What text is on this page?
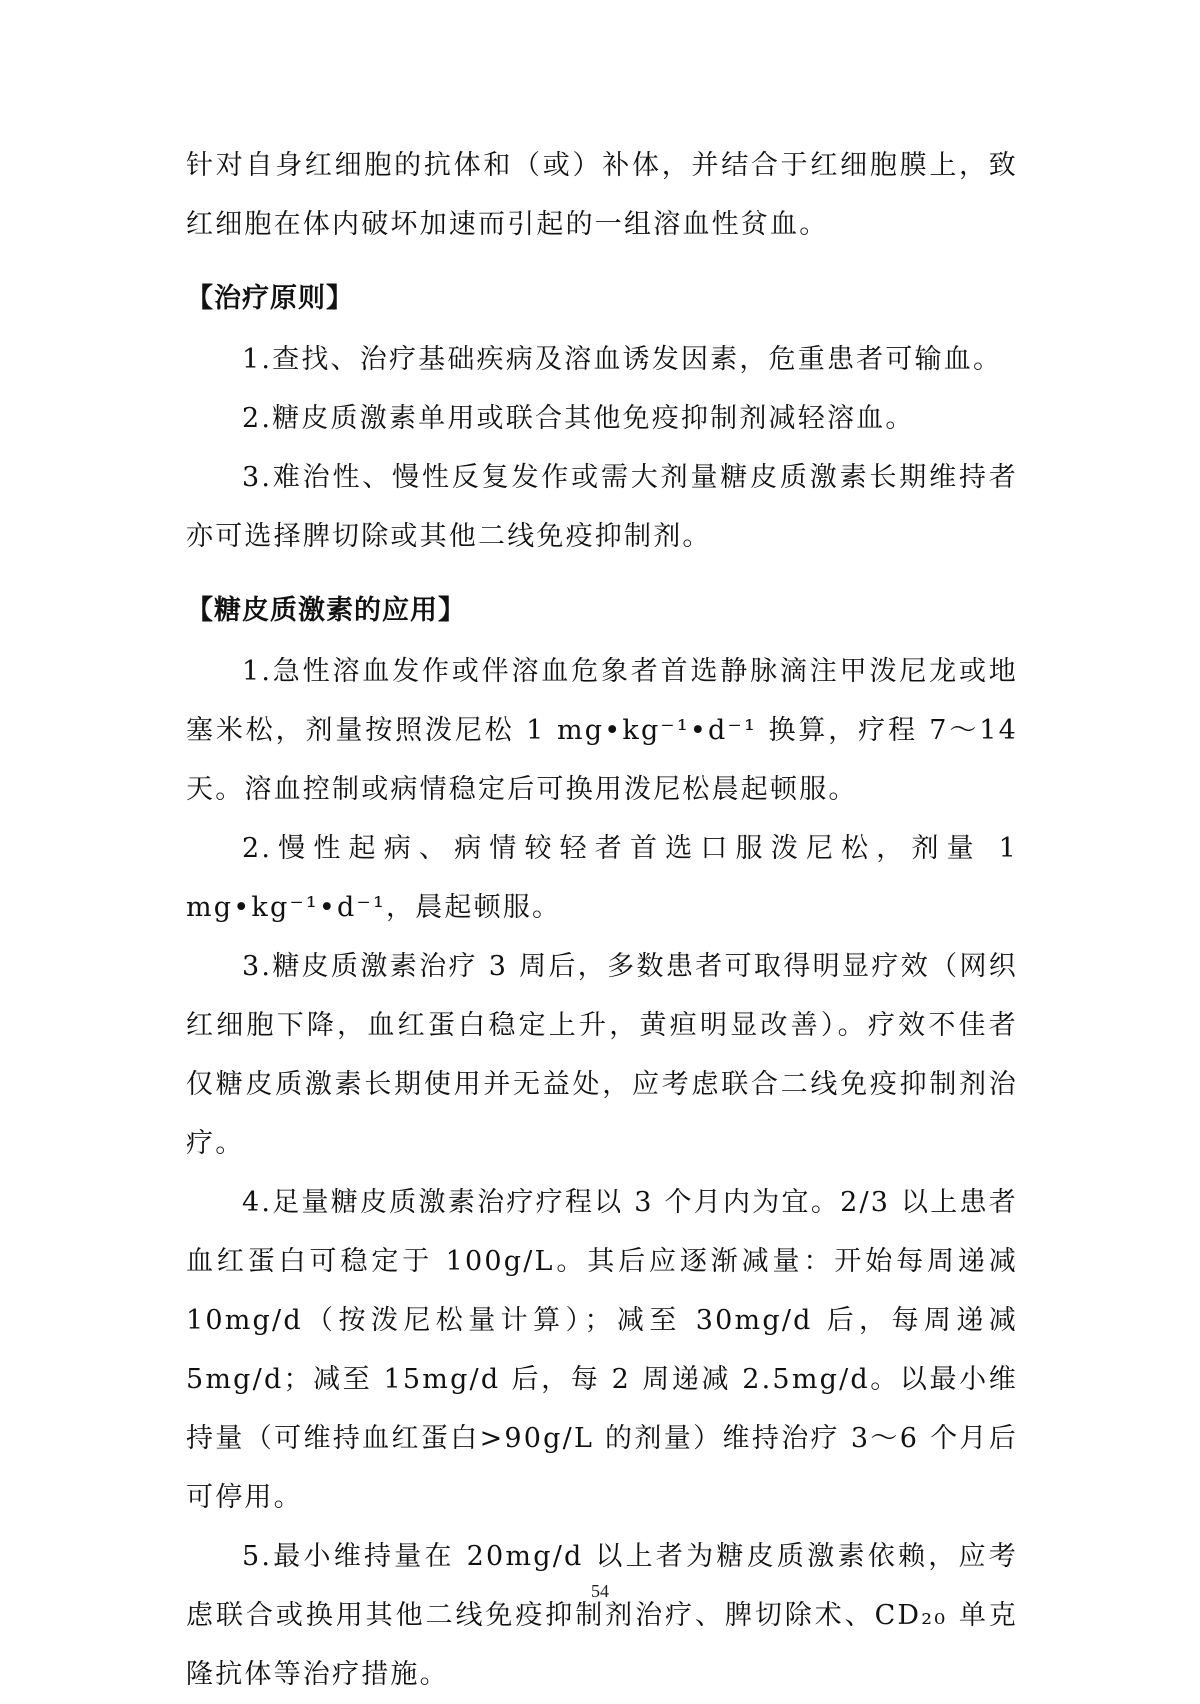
针对自身红细胞的抗体和（或）补体，并结合于红细胞膜上，致红细胞在体内破坏加速而引起的一组溶血性贫血。

【治疗原则】

1.查找、治疗基础疾病及溶血诱发因素，危重患者可输血。

2.糖皮质激素单用或联合其他免疫抑制剂减轻溶血。

3.难治性、慢性反复发作或需大剂量糖皮质激素长期维持者亦可选择脾切除或其他二线免疫抑制剂。

【糖皮质激素的应用】

1.急性溶血发作或伴溶血危象者首选静脉滴注甲泼尼龙或地塞米松，剂量按照泼尼松 1 mg•kg⁻¹•d⁻¹ 换算，疗程 7～14 天。溶血控制或病情稳定后可换用泼尼松晨起顿服。

2.慢性起病、病情较轻者首选口服泼尼松，剂量 1 mg•kg⁻¹•d⁻¹，晨起顿服。

3.糖皮质激素治疗 3 周后，多数患者可取得明显疗效（网织红细胞下降，血红蛋白稳定上升，黄疸明显改善）。疗效不佳者仅糖皮质激素长期使用并无益处，应考虑联合二线免疫抑制剂治疗。

4.足量糖皮质激素治疗疗程以 3 个月内为宜。2/3 以上患者血红蛋白可稳定于 100g/L。其后应逐渐减量：开始每周递减 10mg/d（按泼尼松量计算）；减至 30mg/d 后，每周递减 5mg/d；减至 15mg/d 后，每 2 周递减 2.5mg/d。以最小维持量（可维持血红蛋白>90g/L 的剂量）维持治疗 3～6 个月后可停用。

5.最小维持量在 20mg/d 以上者为糖皮质激素依赖，应考虑联合或换用其他二线免疫抑制剂治疗、脾切除术、CD₂₀ 单克隆抗体等治疗措施。

54
